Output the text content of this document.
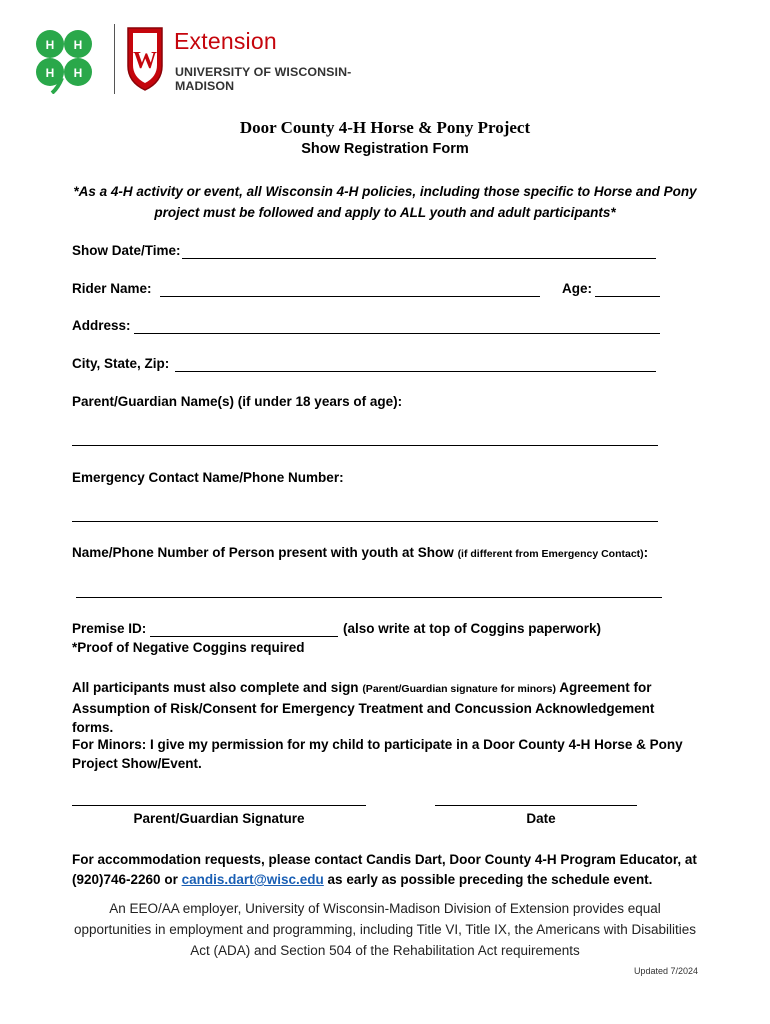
H H
H H W
Extension
UNIVERSITY OF WISCONSIN-MADISON
Door County 4-H Horse & Pony Project
Show Registration Form
*As a 4-H activity or event, all Wisconsin 4-H policies, including those specific to Horse and Pony project must be followed and apply to ALL youth and adult participants*
Show Date/Time:
Rider Name:	Age:
Address:
City, State, Zip:
Parent/Guardian Name(s) (if under 18 years of age):
Emergency Contact Name/Phone Number:
Name/Phone Number of Person present with youth at Show (if different from Emergency Contact):
Premise ID:	(also write at top of Coggins paperwork)
*Proof of Negative Coggins required
All participants must also complete and sign (Parent/Guardian signature for minors) Agreement for Assumption of Risk/Consent for Emergency Treatment and Concussion Acknowledgement forms.
For Minors: I give my permission for my child to participate in a Door County 4-H Horse & Pony Project Show/Event.
Parent/Guardian Signature	Date
For accommodation requests, please contact Candis Dart, Door County 4-H Program Educator, at (920)746-2260 or candis.dart@wisc.edu as early as possible preceding the schedule event.
An EEO/AA employer, University of Wisconsin-Madison Division of Extension provides equal opportunities in employment and programming, including Title VI, Title IX, the Americans with Disabilities Act (ADA) and Section 504 of the Rehabilitation Act requirements
Updated 7/2024
